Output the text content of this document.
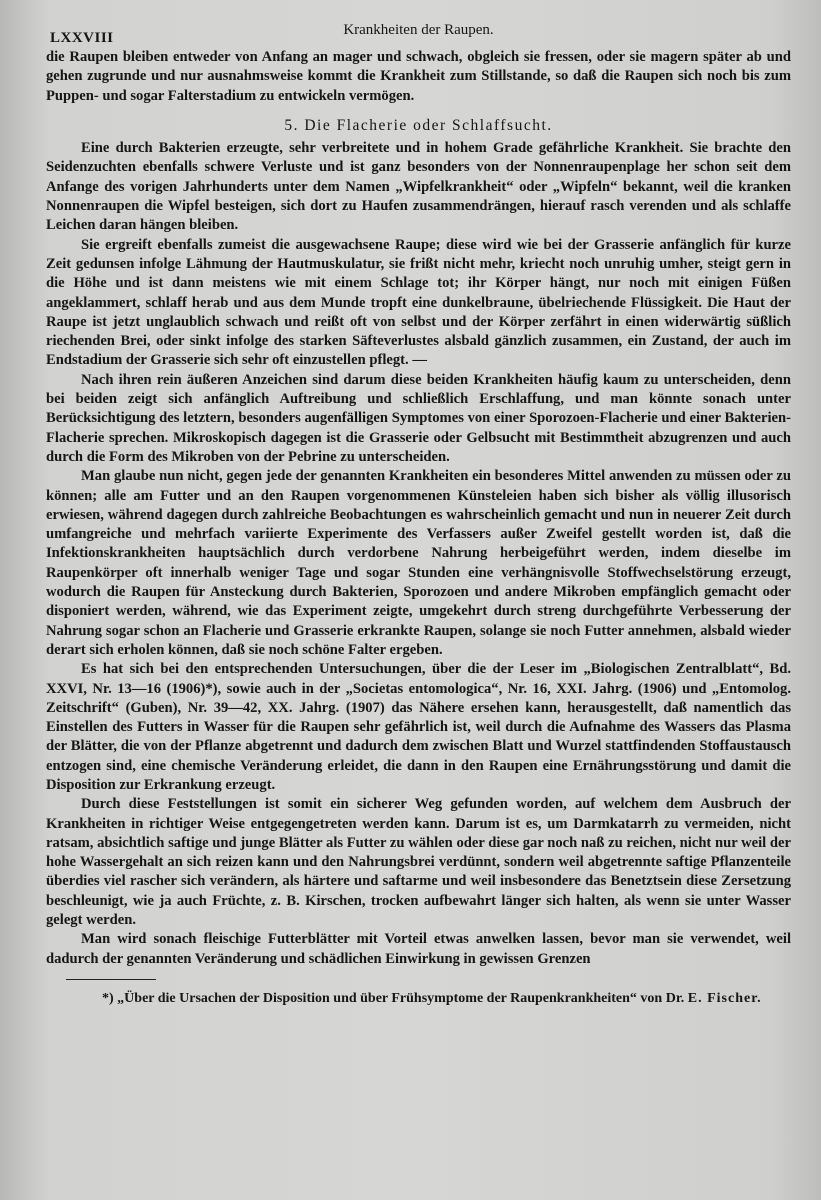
LXXVIII	Krankheiten der Raupen.

die Raupen bleiben entweder von Anfang an mager und schwach, obgleich sie fressen, oder sie magern später ab und gehen zugrunde und nur ausnahmsweise kommt die Krankheit zum Stillstande, so daß die Raupen sich noch bis zum Puppen- und sogar Falterstadium zu entwickeln vermögen.

5. Die Flacherie oder Schlaffsucht.

Eine durch Bakterien erzeugte, sehr verbreitete und in hohem Grade gefährliche Krankheit. Sie brachte den Seidenzuchten ebenfalls schwere Verluste und ist ganz besonders von der Nonnenraupenplage her schon seit dem Anfange des vorigen Jahrhunderts unter dem Namen „Wipfelkrankheit“ oder „Wipfeln“ bekannt, weil die kranken Nonnenraupen die Wipfel besteigen, sich dort zu Haufen zusammendrängen, hierauf rasch verenden und als schlaffe Leichen daran hängen bleiben.

Sie ergreift ebenfalls zumeist die ausgewachsene Raupe; diese wird wie bei der Grasserie anfänglich für kurze Zeit gedunsen infolge Lähmung der Hautmuskulatur, sie frißt nicht mehr, kriecht noch unruhig umher, steigt gern in die Höhe und ist dann meistens wie mit einem Schlage tot; ihr Körper hängt, nur noch mit einigen Füßen angeklammert, schlaff herab und aus dem Munde tropft eine dunkelbraune, übelriechende Flüssigkeit. Die Haut der Raupe ist jetzt unglaublich schwach und reißt oft von selbst und der Körper zerfährt in einen widerwärtig süßlich riechenden Brei, oder sinkt infolge des starken Säfteverlustes alsbald gänzlich zusammen, ein Zustand, der auch im Endstadium der Grasserie sich sehr oft einzustellen pflegt. —

Nach ihren rein äußeren Anzeichen sind darum diese beiden Krankheiten häufig kaum zu unterscheiden, denn bei beiden zeigt sich anfänglich Auftreibung und schließlich Erschlaffung, und man könnte sonach unter Berücksichtigung des letztern, besonders augenfälligen Symptomes von einer Sporozoen-Flacherie und einer Bakterien-Flacherie sprechen. Mikroskopisch dagegen ist die Grasserie oder Gelbsucht mit Bestimmtheit abzugrenzen und auch durch die Form des Mikroben von der Pebrine zu unterscheiden.

Man glaube nun nicht, gegen jede der genannten Krankheiten ein besonderes Mittel anwenden zu müssen oder zu können; alle am Futter und an den Raupen vorgenommenen Künsteleien haben sich bisher als völlig illusorisch erwiesen, während dagegen durch zahlreiche Beobachtungen es wahrscheinlich gemacht und nun in neuerer Zeit durch umfangreiche und mehrfach variierte Experimente des Verfassers außer Zweifel gestellt worden ist, daß die Infektionskrankheiten hauptsächlich durch verdorbene Nahrung herbeigeführt werden, indem dieselbe im Raupenkörper oft innerhalb weniger Tage und sogar Stunden eine verhängnisvolle Stoffwechselstörung erzeugt, wodurch die Raupen für Ansteckung durch Bakterien, Sporozoen und andere Mikroben empfänglich gemacht oder disponiert werden, während, wie das Experiment zeigte, umgekehrt durch streng durchgeführte Verbesserung der Nahrung sogar schon an Flacherie und Grasserie erkrankte Raupen, solange sie noch Futter annehmen, alsbald wieder derart sich erholen können, daß sie noch schöne Falter ergeben.

Es hat sich bei den entsprechenden Untersuchungen, über die der Leser im „Biologischen Zentralblatt“, Bd. XXVI, Nr. 13—16 (1906)*), sowie auch in der „Societas entomologica“, Nr. 16, XXI. Jahrg. (1906) und „Entomolog. Zeitschrift“ (Guben), Nr. 39—42, XX. Jahrg. (1907) das Nähere ersehen kann, herausgestellt, daß namentlich das Einstellen des Futters in Wasser für die Raupen sehr gefährlich ist, weil durch die Aufnahme des Wassers das Plasma der Blätter, die von der Pflanze abgetrennt und dadurch dem zwischen Blatt und Wurzel stattfindenden Stoffaustausch entzogen sind, eine chemische Veränderung erleidet, die dann in den Raupen eine Ernährungsstörung und damit die Disposition zur Erkrankung erzeugt.

Durch diese Feststellungen ist somit ein sicherer Weg gefunden worden, auf welchem dem Ausbruch der Krankheiten in richtiger Weise entgegengetreten werden kann. Darum ist es, um Darmkatarrh zu vermeiden, nicht ratsam, absichtlich saftige und junge Blätter als Futter zu wählen oder diese gar noch naß zu reichen, nicht nur weil der hohe Wassergehalt an sich reizen kann und den Nahrungsbrei verdünnt, sondern weil abgetrennte saftige Pflanzenteile überdies viel rascher sich verändern, als härtere und saftarme und weil insbesondere das Benetztsein diese Zersetzung beschleunigt, wie ja auch Früchte, z. B. Kirschen, trocken aufbewahrt länger sich halten, als wenn sie unter Wasser gelegt werden.

Man wird sonach fleischige Futterblätter mit Vorteil etwas anwelken lassen, bevor man sie verwendet, weil dadurch der genannten Veränderung und schädlichen Einwirkung in gewissen Grenzen

*) „Über die Ursachen der Disposition und über Frühsymptome der Raupenkrankheiten“ von Dr. E. Fischer.
